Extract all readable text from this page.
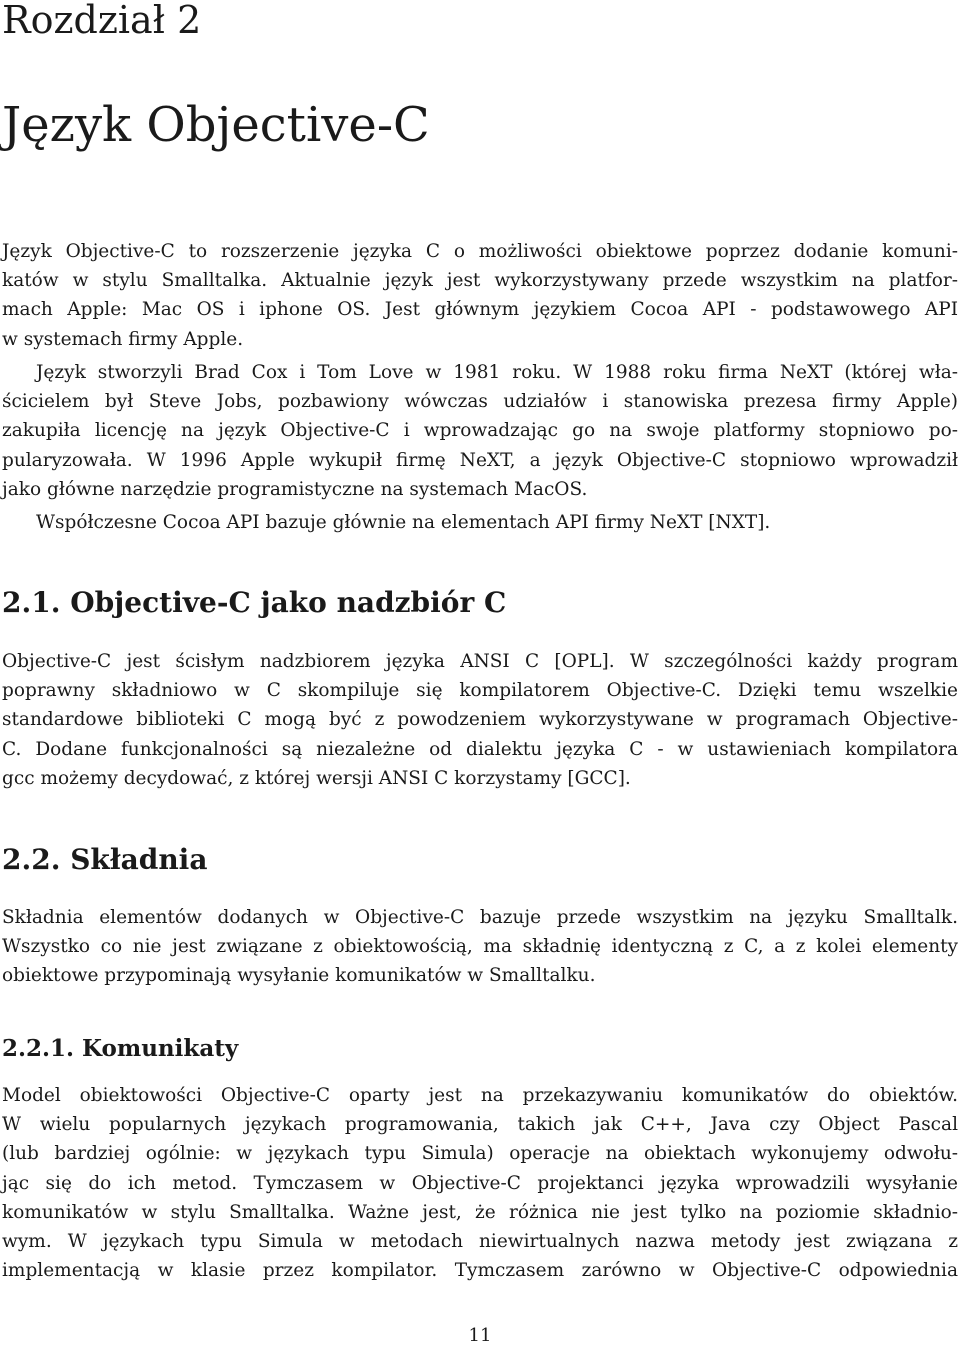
Rozdział 2
Język Objective-C

Język Objective-C to rozszerzenie języka C o możliwości obiektowe poprzez dodanie komuni-
katów w stylu Smalltalka. Aktualnie język jest wykorzystywany przede wszystkim na platfor-
mach Apple: Mac OS i iphone OS. Jest głównym językiem Cocoa API - podstawowego API
w systemach firmy Apple.

Język stworzyli Brad Cox i Tom Love w 1981 roku. W 1988 roku firma NeXT (której wła-
ścicielem był Steve Jobs, pozbawiony wówczas udziałów i stanowiska prezesa firmy Apple)
zakupiła licencję na język Objective-C i wprowadzając go na swoje platformy stopniowo po-
pularyzowała. W 1996 Apple wykupił firmę NeXT, a język Objective-C stopniowo wprowadził
jako główne narzędzie programistyczne na systemach MacOS.

Współczesne Cocoa API bazuje głównie na elementach API firmy NeXT [NXT].

2.1. Objective-C jako nadzbiór C

Objective-C jest ścisłym nadzbiorem języka ANSI C [OPL]. W szczególności każdy program
poprawny składniowo w C skompiluje się kompilatorem Objective-C. Dzięki temu wszelkie
standardowe biblioteki C mogą być z powodzeniem wykorzystywane w programach Objective-
C. Dodane funkcjonalności są niezależne od dialektu języka C - w ustawieniach kompilatora
gcc możemy decydować, z której wersji ANSI C korzystamy [GCC].

2.2. Składnia

Składnia elementów dodanych w Objective-C bazuje przede wszystkim na języku Smalltalk.
Wszystko co nie jest związane z obiektowością, ma składnię identyczną z C, a z kolei elementy
obiektowe przypominają wysyłanie komunikatów w Smalltalku.

2.2.1. Komunikaty

Model obiektowości Objective-C oparty jest na przekazywaniu komunikatów do obiektów.
W wielu popularnych językach programowania, takich jak C++, Java czy Object Pascal
(lub bardziej ogólnie: w językach typu Simula) operacje na obiektach wykonujemy odwołu-
jąc się do ich metod. Tymczasem w Objective-C projektanci języka wprowadzili wysyłanie
komunikatów w stylu Smalltalka. Ważne jest, że różnica nie jest tylko na poziomie składnio-
wym. W językach typu Simula w metodach niewirtualnych nazwa metody jest związana z
implementacją w klasie przez kompilator. Tymczasem zarówno w Objective-C odpowiednia

11
